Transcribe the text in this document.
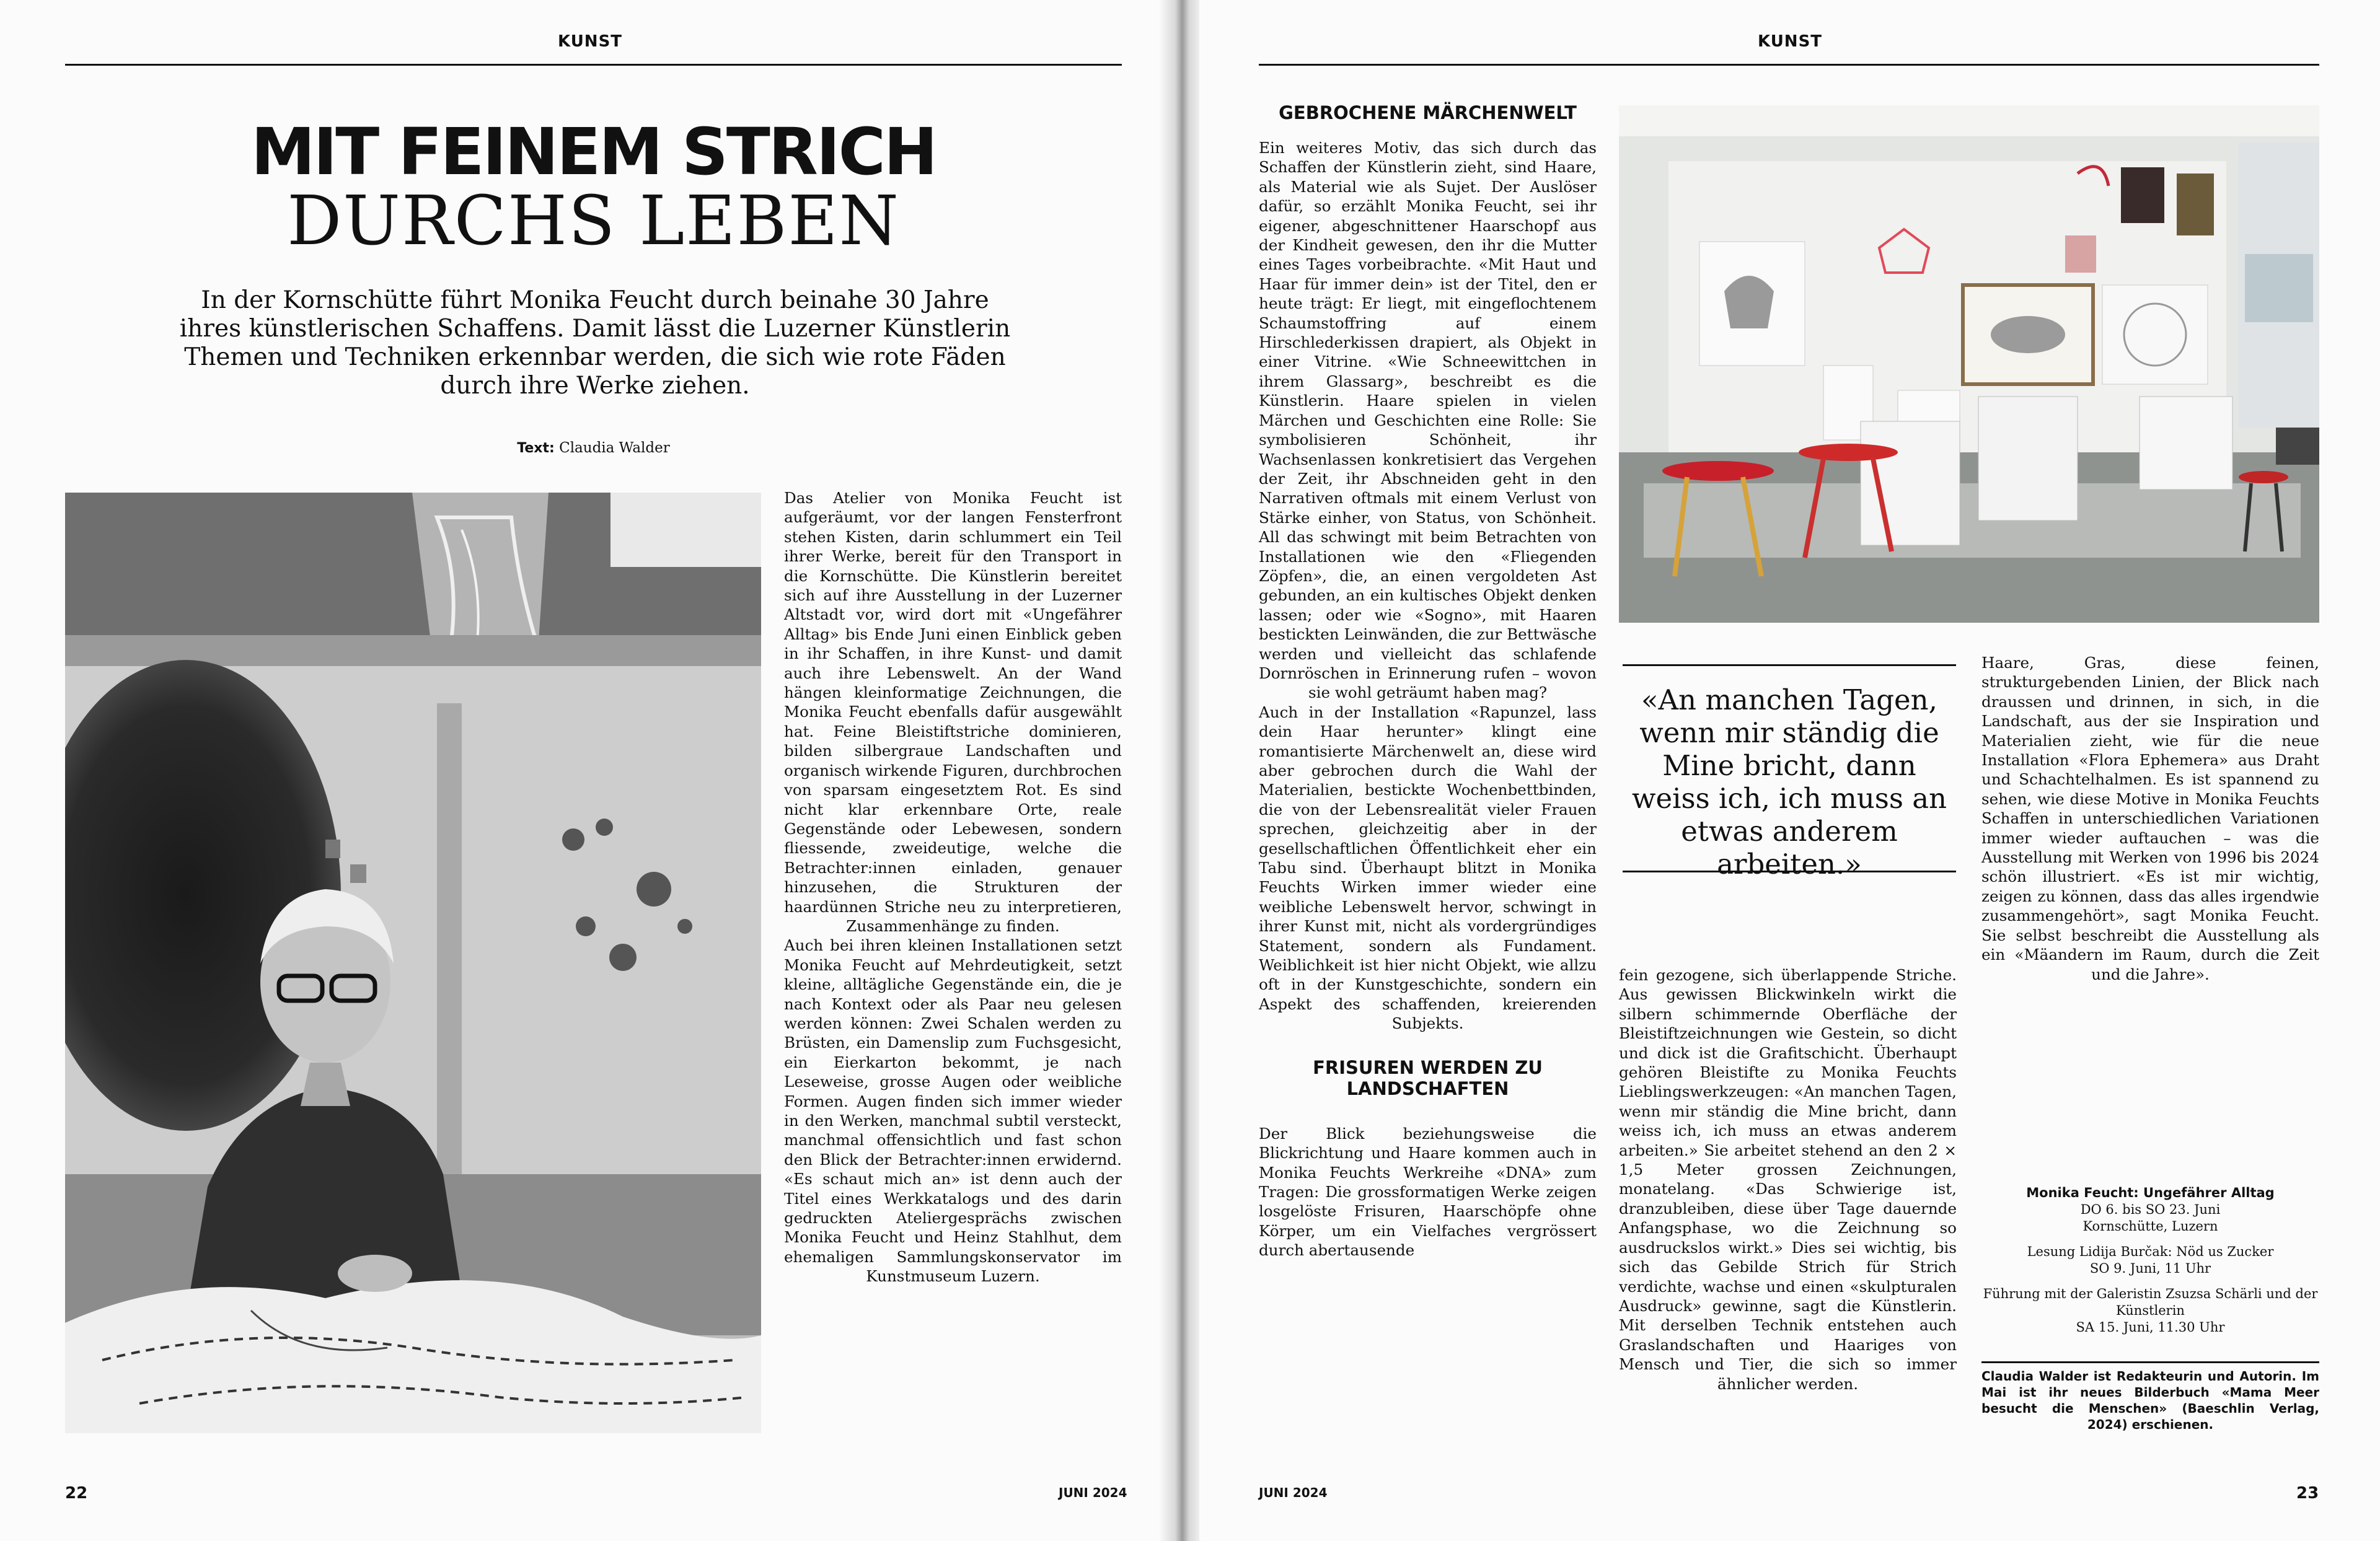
KUNST
MIT FEINEM STRICH
DURCHS LEBEN
In der Kornschütte führt Monika Feucht durch beinahe 30 Jahre ihres künstlerischen Schaffens. Damit lässt die Luzerner Künstlerin Themen und Techniken erkennbar werden, die sich wie rote Fäden durch ihre Werke ziehen.
Text: Claudia Walder

Das Atelier von Monika Feucht ist aufgeräumt, vor der langen Fensterfront stehen Kisten, darin schlummert ein Teil ihrer Werke, bereit für den Transport in die Kornschütte. Die Künstlerin bereitet sich auf ihre Ausstellung in der Luzerner Altstadt vor, wird dort mit «Ungefährer Alltag» bis Ende Juni einen Einblick geben in ihr Schaffen, in ihre Kunst- und damit auch ihre Lebenswelt. An der Wand hängen kleinformatige Zeichnungen, die Monika Feucht ebenfalls dafür ausgewählt hat. Feine Bleistiftstriche dominieren, bilden silbergraue Landschaften und organisch wirkende Figuren, durchbrochen von sparsam eingesetztem Rot. Es sind nicht klar erkennbare Orte, reale Gegenstände oder Lebewesen, sondern fliessende, zweideutige, welche die Betrachter:innen einladen, genauer hinzusehen, die Strukturen der haardünnen Striche neu zu interpretieren, Zusammenhänge zu finden.

Auch bei ihren kleinen Installationen setzt Monika Feucht auf Mehrdeutigkeit, setzt kleine, alltägliche Gegenstände ein, die je nach Kontext oder als Paar neu gelesen werden können: Zwei Schalen werden zu Brüsten, ein Damenslip zum Fuchsgesicht, ein Eierkarton bekommt, je nach Leseweise, grosse Augen oder weibliche Formen. Augen finden sich immer wieder in den Werken, manchmal subtil versteckt, manchmal offensichtlich und fast schon den Blick der Betrachter:innen erwidernd. «Es schaut mich an» ist denn auch der Titel eines Werkkatalogs und des darin gedruckten Ateliergesprächs zwischen Monika Feucht und Heinz Stahlhut, dem ehemaligen Sammlungskonservator im Kunstmuseum Luzern.

22	JUNI 2024
KUNST

GEBROCHENE MÄRCHENWELT

Ein weiteres Motiv, das sich durch das Schaffen der Künstlerin zieht, sind Haare, als Material wie als Sujet. Der Auslöser dafür, so erzählt Monika Feucht, sei ihr eigener, abgeschnittener Haarschopf aus der Kindheit gewesen, den ihr die Mutter eines Tages vorbeibrachte. «Mit Haut und Haar für immer dein» ist der Titel, den er heute trägt: Er liegt, mit eingeflochtenem Schaumstoffring auf einem Hirschlederkissen drapiert, als Objekt in einer Vitrine. «Wie Schneewittchen in ihrem Glassarg», beschreibt es die Künstlerin. Haare spielen in vielen Märchen und Geschichten eine Rolle: Sie symbolisieren Schönheit, ihr Wachsenlassen konkretisiert das Vergehen der Zeit, ihr Abschneiden geht in den Narrativen oftmals mit einem Verlust von Stärke einher, von Status, von Schönheit. All das schwingt mit beim Betrachten von Installationen wie den «Fliegenden Zöpfen», die, an einen vergoldeten Ast gebunden, an ein kultisches Objekt denken lassen; oder wie «Sogno», mit Haaren bestickten Leinwänden, die zur Bettwäsche werden und vielleicht das schlafende Dornröschen in Erinnerung rufen – wovon sie wohl geträumt haben mag?

Auch in der Installation «Rapunzel, lass dein Haar herunter» klingt eine romantisierte Märchenwelt an, diese wird aber gebrochen durch die Wahl der Materialien, bestickte Wochenbettbinden, die von der Lebensrealität vieler Frauen sprechen, gleichzeitig aber in der gesellschaftlichen Öffentlichkeit eher ein Tabu sind. Überhaupt blitzt in Monika Feuchts Wirken immer wieder eine weibliche Lebenswelt hervor, schwingt in ihrer Kunst mit, nicht als vordergründiges Statement, sondern als Fundament. Weiblichkeit ist hier nicht Objekt, wie allzu oft in der Kunstgeschichte, sondern ein Aspekt des schaffenden, kreierenden Subjekts.

FRISUREN WERDEN ZU LANDSCHAFTEN

Der Blick beziehungsweise die Blickrichtung und Haare kommen auch in Monika Feuchts Werkreihe «DNA» zum Tragen: Die grossformatigen Werke zeigen losgelöste Frisuren, Haarschöpfe ohne Körper, um ein Vielfaches vergrössert durch abertausende

«An manchen Tagen, wenn mir ständig die Mine bricht, dann weiss ich, ich muss an etwas anderem arbeiten.»

fein gezogene, sich überlappende Striche. Aus gewissen Blickwinkeln wirkt die silbern schimmernde Oberfläche der Bleistiftzeichnungen wie Gestein, so dicht und dick ist die Grafitschicht. Überhaupt gehören Bleistifte zu Monika Feuchts Lieblingswerkzeugen: «An manchen Tagen, wenn mir ständig die Mine bricht, dann weiss ich, ich muss an etwas anderem arbeiten.» Sie arbeitet stehend an den 2 × 1,5 Meter grossen Zeichnungen, monatelang. «Das Schwierige ist, dranzubleiben, diese über Tage dauernde Anfangsphase, wo die Zeichnung so ausdruckslos wirkt.» Dies sei wichtig, bis sich das Gebilde Strich für Strich verdichte, wachse und einen «skulpturalen Ausdruck» gewinne, sagt die Künstlerin. Mit derselben Technik entstehen auch Graslandschaften und Haariges von Mensch und Tier, die sich so immer ähnlicher werden.

Haare, Gras, diese feinen, strukturgebenden Linien, der Blick nach draussen und drinnen, in sich, in die Landschaft, aus der sie Inspiration und Materialien zieht, wie für die neue Installation «Flora Ephemera» aus Draht und Schachtelhalmen. Es ist spannend zu sehen, wie diese Motive in Monika Feuchts Schaffen in unterschiedlichen Variationen immer wieder auftauchen – was die Ausstellung mit Werken von 1996 bis 2024 schön illustriert. «Es ist mir wichtig, zeigen zu können, dass das alles irgendwie zusammengehört», sagt Monika Feucht. Sie selbst beschreibt die Ausstellung als ein «Mäandern im Raum, durch die Zeit und die Jahre».

Monika Feucht: Ungefährer Alltag
DO 6. bis SO 23. Juni
Kornschütte, Luzern
Lesung Lidija Burčak: Nöd us Zucker
SO 9. Juni, 11 Uhr
Führung mit der Galeristin Zsuzsa Schärli und der Künstlerin
SA 15. Juni, 11.30 Uhr
Claudia Walder ist Redakteurin und Autorin. Im Mai ist ihr neues Bilderbuch «Mama Meer besucht die Menschen» (Baeschlin Verlag, 2024) erschienen.
JUNI 2024	23
